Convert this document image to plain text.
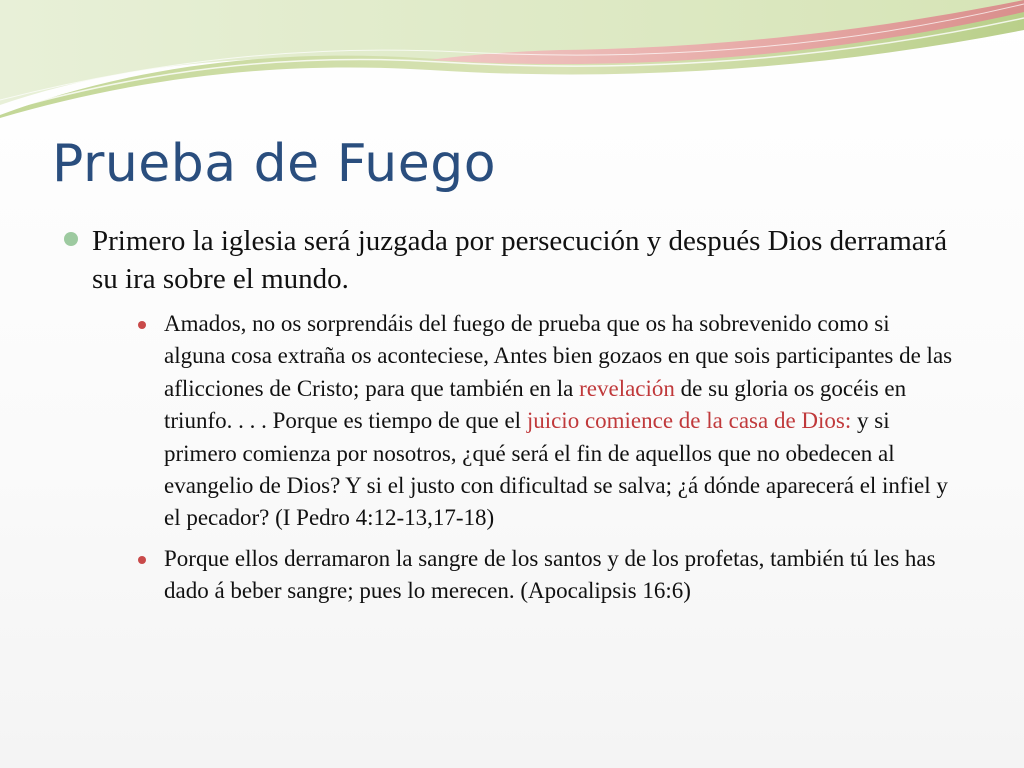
Prueba de Fuego

Primero la iglesia será juzgada por persecución y después Dios derramará su ira sobre el mundo.

Amados, no os sorprendáis del fuego de prueba que os ha sobrevenido como si alguna cosa extraña os aconteciese, Antes bien gozaos en que sois participantes de las aflicciones de Cristo; para que también en la revelación de su gloria os gocéis en triunfo. . . . Porque es tiempo de que el juicio comience de la casa de Dios: y si primero comienza por nosotros, ¿qué será el fin de aquellos que no obedecen al evangelio de Dios? Y si el justo con dificultad se salva; ¿á dónde aparecerá el infiel y el pecador? (I Pedro 4:12-13,17-18)

Porque ellos derramaron la sangre de los santos y de los profetas, también tú les has dado á beber sangre; pues lo merecen. (Apocalipsis 16:6)
